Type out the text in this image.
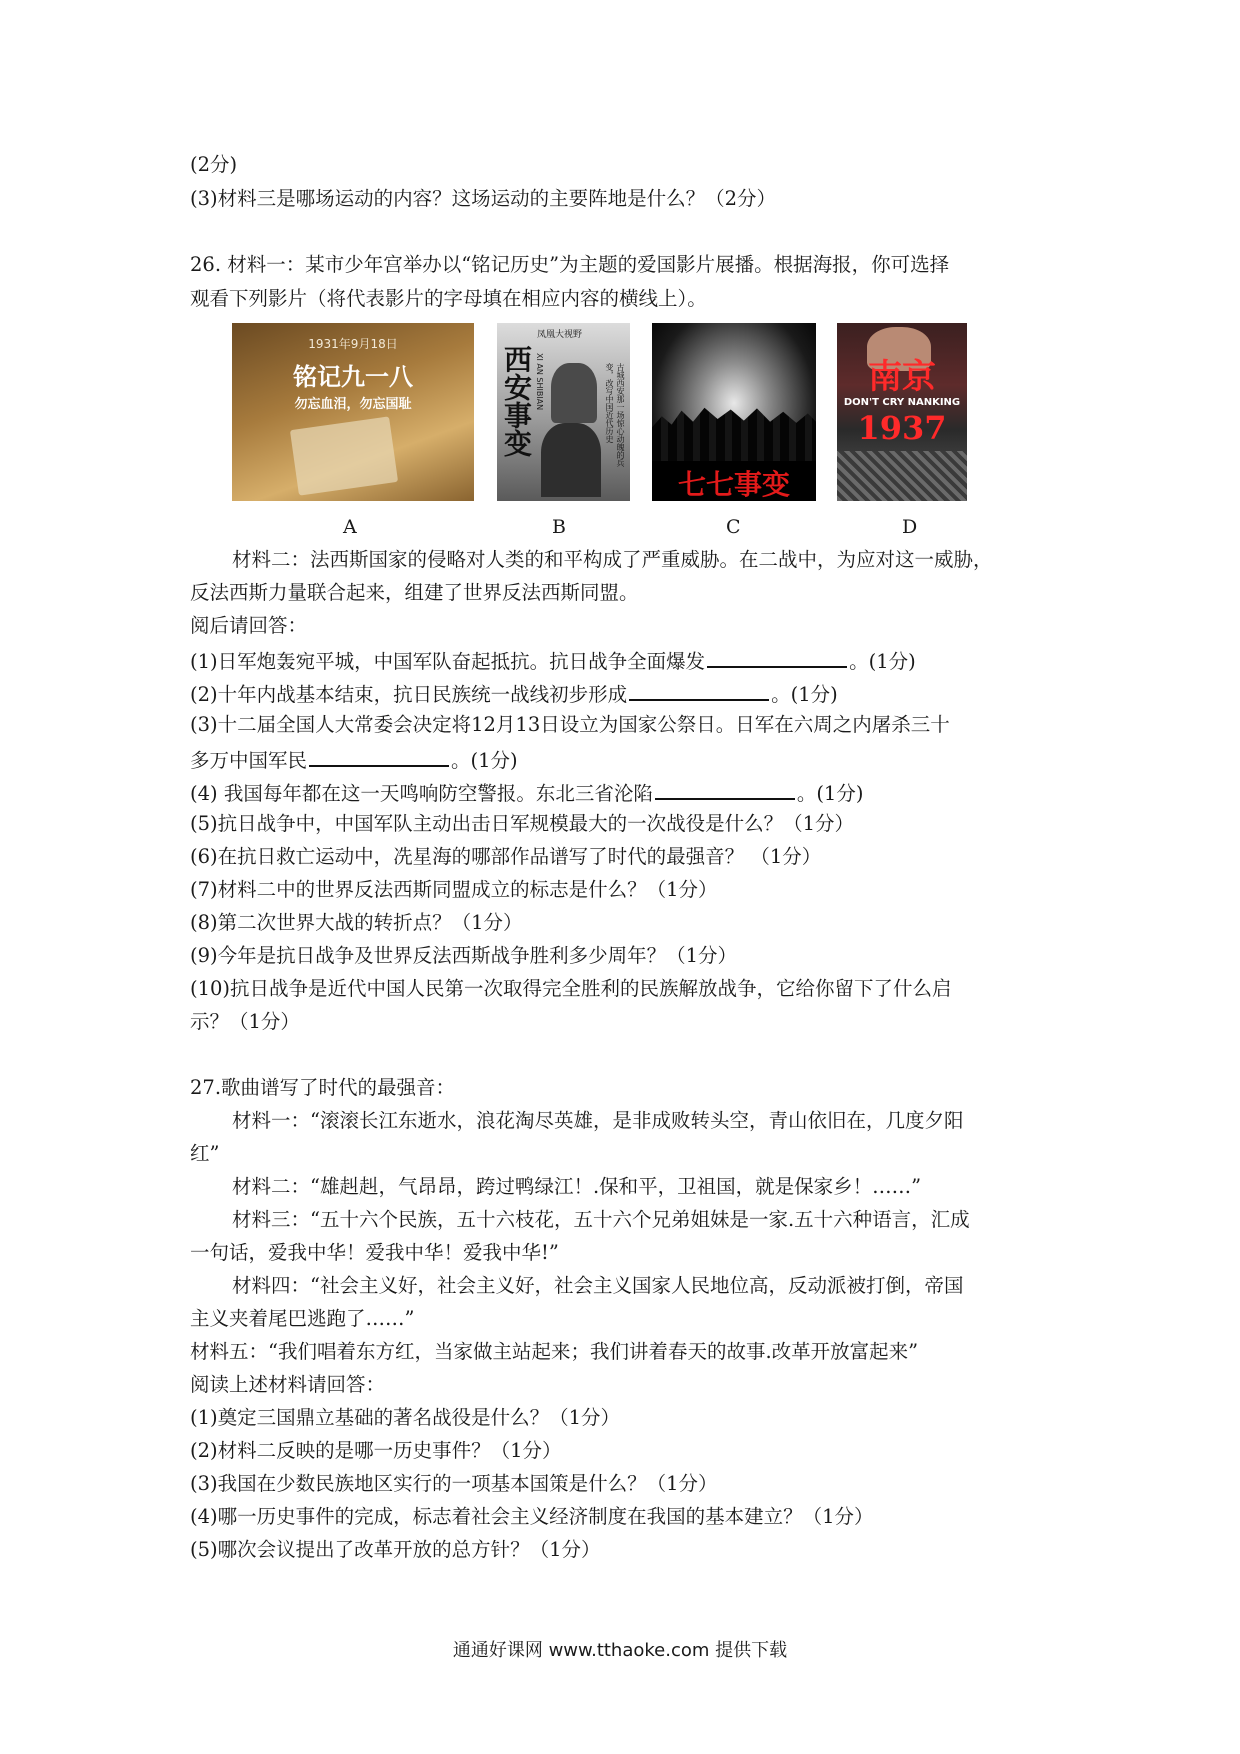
(2分)
(3)材料三是哪场运动的内容？这场运动的主要阵地是什么？（2分）
26. 材料一：某市少年宫举办以“铭记历史”为主题的爱国影片展播。根据海报，你可选择
观看下列影片（将代表影片的字母填在相应内容的横线上）。
1931年9月18日
铭记九一八
勿忘血泪，勿忘国耻
A
凤凰大视野
西安事变 XI AN SHIBIAN	古城西安那一场惊心动魄的兵变，改写中国近代历史
B
七七事变
C
南京
DON'T CRY NANKING
1937
D
材料二：法西斯国家的侵略对人类的和平构成了严重威胁。在二战中，为应对这一威胁，
反法西斯力量联合起来，组建了世界反法西斯同盟。
阅后请回答：
(1)日军炮轰宛平城，中国军队奋起抵抗。抗日战争全面爆发	。(1分)
(2)十年内战基本结束，抗日民族统一战线初步形成	。(1分)
(3)十二届全国人大常委会决定将12月13日设立为国家公祭日。日军在六周之内屠杀三十
多万中国军民	。(1分)
(4) 我国每年都在这一天鸣响防空警报。东北三省沦陷	。(1分)
(5)抗日战争中，中国军队主动出击日军规模最大的一次战役是什么？（1分）
(6)在抗日救亡运动中，冼星海的哪部作品谱写了时代的最强音？ （1分）
(7)材料二中的世界反法西斯同盟成立的标志是什么？（1分）
(8)第二次世界大战的转折点？（1分）
(9)今年是抗日战争及世界反法西斯战争胜利多少周年？（1分）
(10)抗日战争是近代中国人民第一次取得完全胜利的民族解放战争，它给你留下了什么启
示？（1分）
27.歌曲谱写了时代的最强音：
材料一：“滚滚长江东逝水，浪花淘尽英雄，是非成败转头空，青山依旧在，几度夕阳
红”
材料二：“雄赳赳，气昂昂，跨过鸭绿江！.保和平，卫祖国，就是保家乡！……”
材料三：“五十六个民族，五十六枝花，五十六个兄弟姐妹是一家.五十六种语言，汇成
一句话，爱我中华！爱我中华！爱我中华!”
材料四：“社会主义好，社会主义好，社会主义国家人民地位高，反动派被打倒，帝国
主义夹着尾巴逃跑了……”
材料五：“我们唱着东方红，当家做主站起来；我们讲着春天的故事.改革开放富起来”
阅读上述材料请回答：
(1)奠定三国鼎立基础的著名战役是什么？（1分）
(2)材料二反映的是哪一历史事件？（1分）
(3)我国在少数民族地区实行的一项基本国策是什么？（1分）
(4)哪一历史事件的完成，标志着社会主义经济制度在我国的基本建立？（1分）
(5)哪次会议提出了改革开放的总方针？（1分）
通通好课网 www.tthaoke.com 提供下载
